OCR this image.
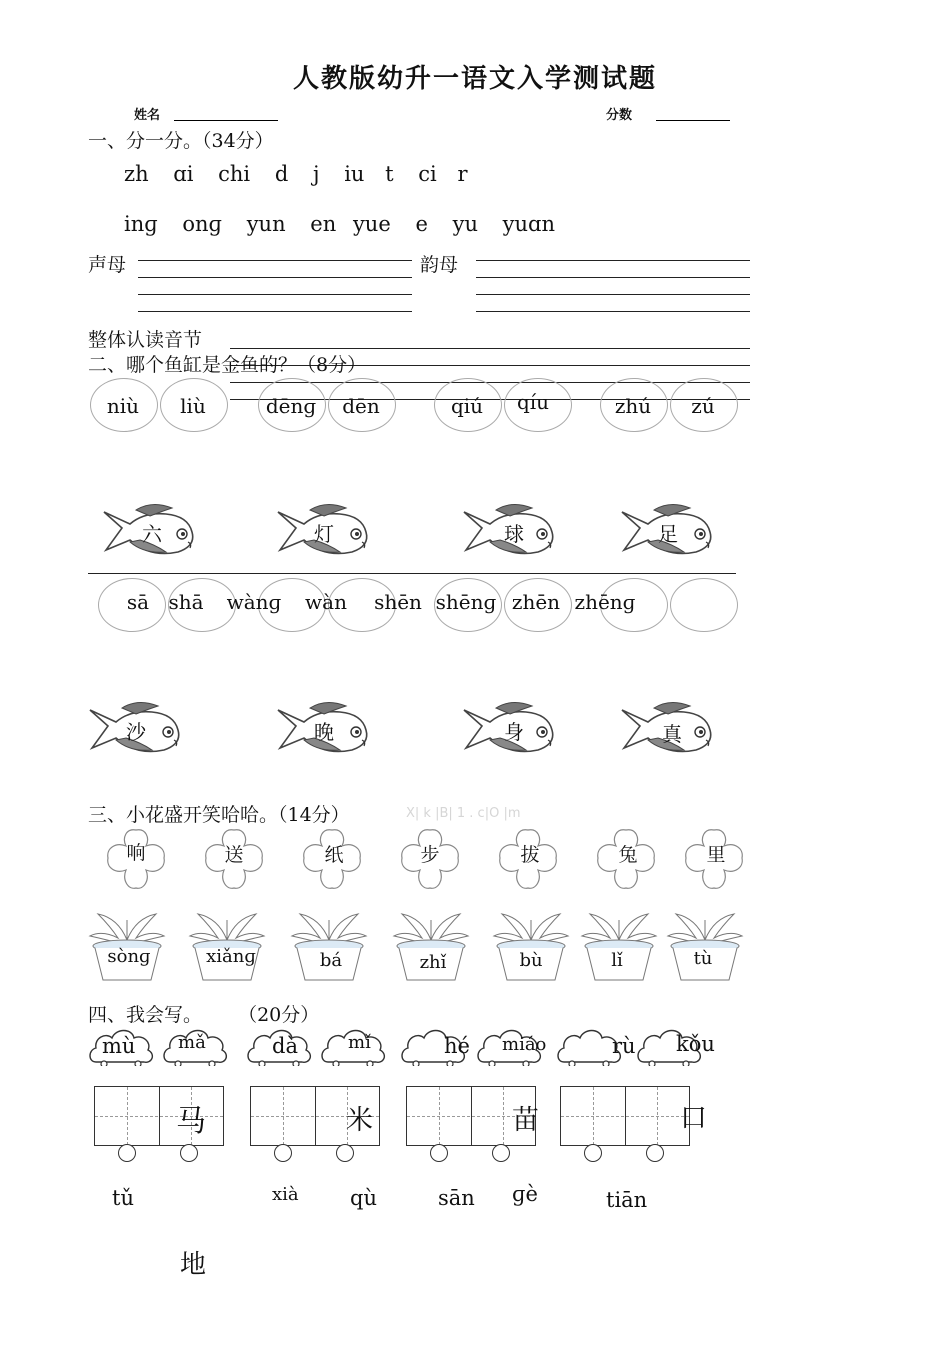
人教版幼升一语文入学测试题
姓名	分数
一、分一分。（34分）
zh ɑi chi d j iu t ci r
inɡ onɡ yun en yue e yu yuɑn
声母	韵母
整体认读音节
二、哪个鱼缸是金鱼的？（8分）
niù	liù	dēnɡ	dēn	qiú	qíu	zhú	zú
六	灯	球	足
sā shā	wànɡ	wàn	shēn shēnɡ zhēn zhēnɡ
沙	晚	身	真
三、小花盛开笑哈哈。（14分）	X| k |B| 1 . c|O |m
响	送	纸	步	拔	兔	里
sònɡ	xiǎnɡ	bá	zhǐ	bù	lǐ	tù
四、我会写。 （20分）
mù mǎ	dà	mǐ	hé miáo	rù kǒu
马	米	苗	口
tǔ	xià qù	sān ɡè	tiān
地
